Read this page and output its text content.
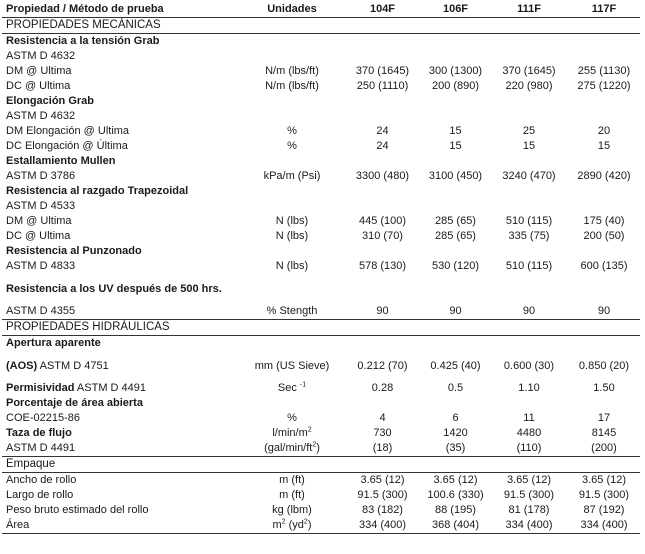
Propiedad / Método de prueba	Unidades	104F	106F	111F	117F
PROPIEDADES MECÁNICAS					
Resistencia a la tensión Grab					
ASTM D 4632					
DM @ Ultima	N/m (lbs/ft)	370 (1645)	300 (1300)	370 (1645)	255 (1130)
DC @ Ultima	N/m (lbs/ft)	250 (1110)	200 (890)	220 (980)	275 (1220)
Elongación Grab					
ASTM D 4632					
DM Elongación @ Ultima	%	24	15	25	20
DC Elongación @ Última	%	24	15	15	15
Estallamiento Mullen					
ASTM D 3786	kPa/m (Psi)	3300 (480)	3100 (450)	3240 (470)	2890 (420)
Resistencia al razgado Trapezoidal					
ASTM D 4533					
DM @ Ultima	N (lbs)	445 (100)	285 (65)	510 (115)	175 (40)
DC @ Ultima	N (lbs)	310 (70)	285 (65)	335 (75)	200 (50)
Resistencia al Punzonado					
ASTM D 4833	N (lbs)	578 (130)	530 (120)	510 (115)	600 (135)
Resistencia a los UV después de 500 hrs.					
ASTM D 4355	% Stength	90	90	90	90
PROPIEDADES HIDRÁULICAS					
Apertura aparente					
(AOS) ASTM D 4751	mm (US Sieve)	0.212 (70)	0.425 (40)	0.600 (30)	0.850 (20)
Permisividad ASTM D 4491	Sec $^{-1}$	0.28	0.5	1.10	1.50
Porcentaje de área abierta					
COE-02215-86	%	4	6	11	17
Taza de flujo	$l/\min/m^2$	730	1420	4480	8145
ASTM D 4491	$(gal/\min/ft^2)$	(18)	(35)	(110)	(200)
Empaque					
Ancho de rollo	m (ft)	3.65 (12)	3.65 (12)	3.65 (12)	3.65 (12)
Largo de rollo	m (ft)	91.5 (300)	100.6 (330)	91.5 (300)	91.5 (300)
Peso bruto estimado del rollo	kg (lbm)	83 (182)	88 (195)	81 (178)	87 (192)
Área	$m^2$ $(yd^2)$	334 (400)	368 (404)	334 (400)	334 (400)
